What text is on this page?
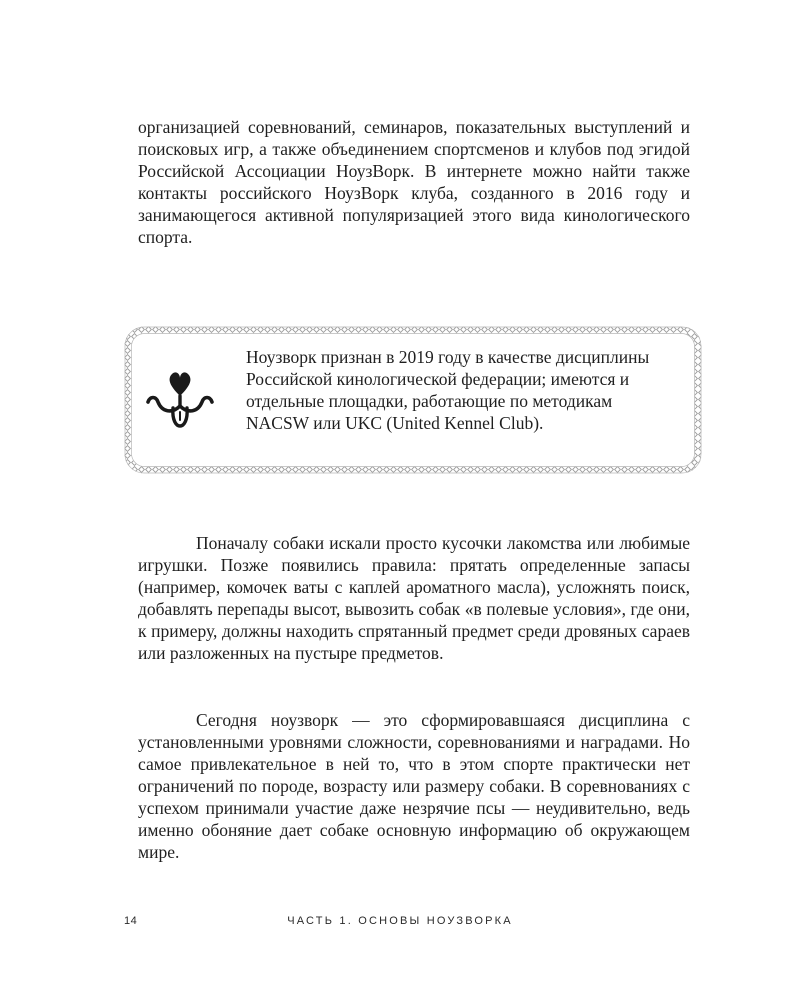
организацией соревнований, семинаров, показательных выступлений и поисковых игр, а также объединением спортсменов и клубов под эгидой Российской Ассоциации НоузВорк. В интернете можно найти также контакты российского НоузВорк клуба, созданного в 2016 году и занимающегося активной популяризацией этого вида кинологического спорта.

Ноузворк признан в 2019 году в качестве дисциплины Российской кинологической федерации; имеются и отдельные площадки, работающие по методикам NACSW или UKC (United Kennel Club).

Поначалу собаки искали просто кусочки лакомства или любимые игрушки. Позже появились правила: прятать определенные запасы (например, комочек ваты с каплей ароматного масла), усложнять поиск, добавлять перепады высот, вывозить собак «в полевые условия», где они, к примеру, должны находить спрятанный предмет среди дровяных сараев или разложенных на пустыре предметов.

Сегодня ноузворк — это сформировавшаяся дисциплина с установленными уровнями сложности, соревнованиями и наградами. Но самое привлекательное в ней то, что в этом спорте практически нет ограничений по породе, возрасту или размеру собаки. В соревнованиях с успехом принимали участие даже незрячие псы — неудивительно, ведь именно обоняние дает собаке основную информацию об окружающем мире.

14	ЧАСТЬ 1. ОСНОВЫ НОУЗВОРКА
